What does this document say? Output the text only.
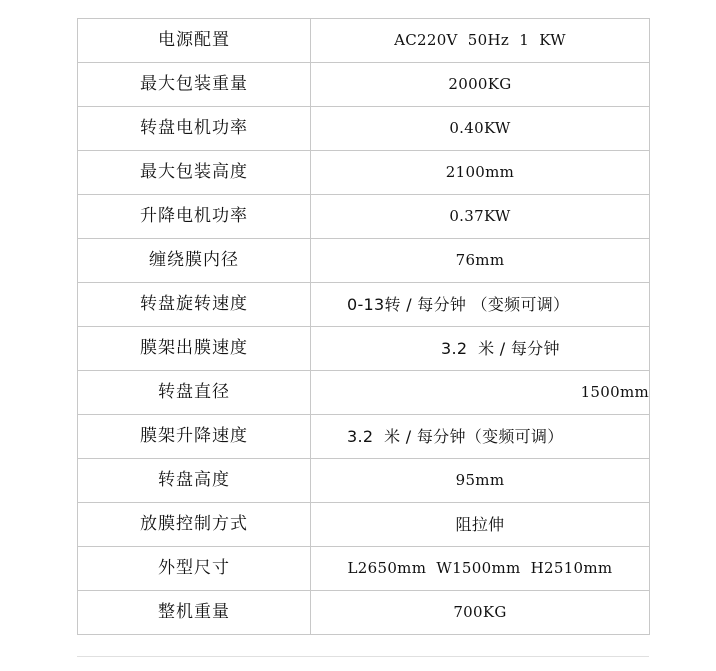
电源配置	AC220V  50Hz  1  KW
最大包装重量	2000KG
转盘电机功率	0.40KW
最大包装高度	2100mm
升降电机功率	0.37KW
缠绕膜内径	76mm
转盘旋转速度	0-13转 / 每分钟 （变频可调）
膜架出膜速度	3.2  米 / 每分钟
转盘直径	1500mm
膜架升降速度	3.2  米 / 每分钟（变频可调）
转盘高度	95mm
放膜控制方式	阻拉伸
外型尺寸	L2650mm  W1500mm  H2510mm
整机重量	700KG
